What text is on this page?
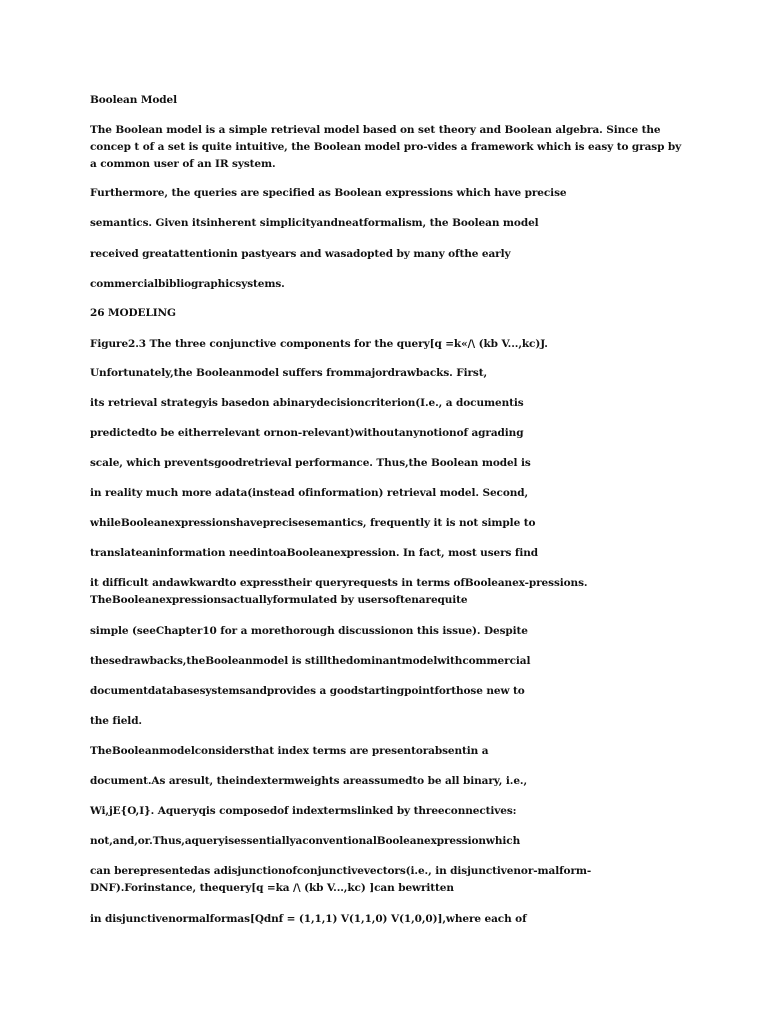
Boolean Model

The Boolean model is a simple retrieval model based on set theory and Boolean algebra. Since the concep t of a set is quite intuitive, the Boolean model pro-vides a framework which is easy to grasp by a common user of an IR system.

Furthermore, the queries are specified as Boolean expressions which have precise

semantics. Given itsinherent simplicityandneatformalism, the Boolean model

received greatattentionin pastyears and wasadopted by many ofthe early

commercialbibliographicsystems.

26 MODELING

Figure2.3 The three conjunctive components for the query[q =k«/\ (kb V...,kc)J.

Unfortunately,the Booleanmodel suffers frommajordrawbacks. First,

its retrieval strategyis basedon abinarydecisioncriterion(I.e., a documentis

predictedto be eitherrelevant ornon-relevant)withoutanynotionof agrading

scale, which preventsgoodretrieval performance. Thus,the Boolean model is

in reality much more adata(instead ofinformation) retrieval model. Second,

whileBooleanexpressionshaveprecisesemantics, frequently it is not simple to

translateaninformation needintoaBooleanexpression. In fact, most users find

it difficult andawkwardto expresstheir queryrequests in terms ofBooleanex-pressions. TheBooleanexpressionsactuallyformulated by usersoftenarequite

simple (seeChapter10 for a morethorough discussionon this issue). Despite

thesedrawbacks,theBooleanmodel is stillthedominantmodelwithcommercial

documentdatabasesystemsandprovides a goodstartingpointforthose new to

the field.

TheBooleanmodelconsidersthat index terms are presentorabsentin a

document.As aresult, theindextermweights areassumedto be all binary, i.e.,

Wi,jE{O,I}. Aqueryqis composedof indextermslinked by threeconnectives:

not,and,or.Thus,aqueryisessentiallyaconventionalBooleanexpressionwhich

can berepresentedas adisjunctionofconjunctivevectors(i.e., in disjunctivenor-malform- DNF).Forinstance, thequery[q =ka /\ (kb V...,kc) ]can bewritten

in disjunctivenormalformas[Qdnf = (1,1,1) V(1,1,0) V(1,0,0)],where each of
